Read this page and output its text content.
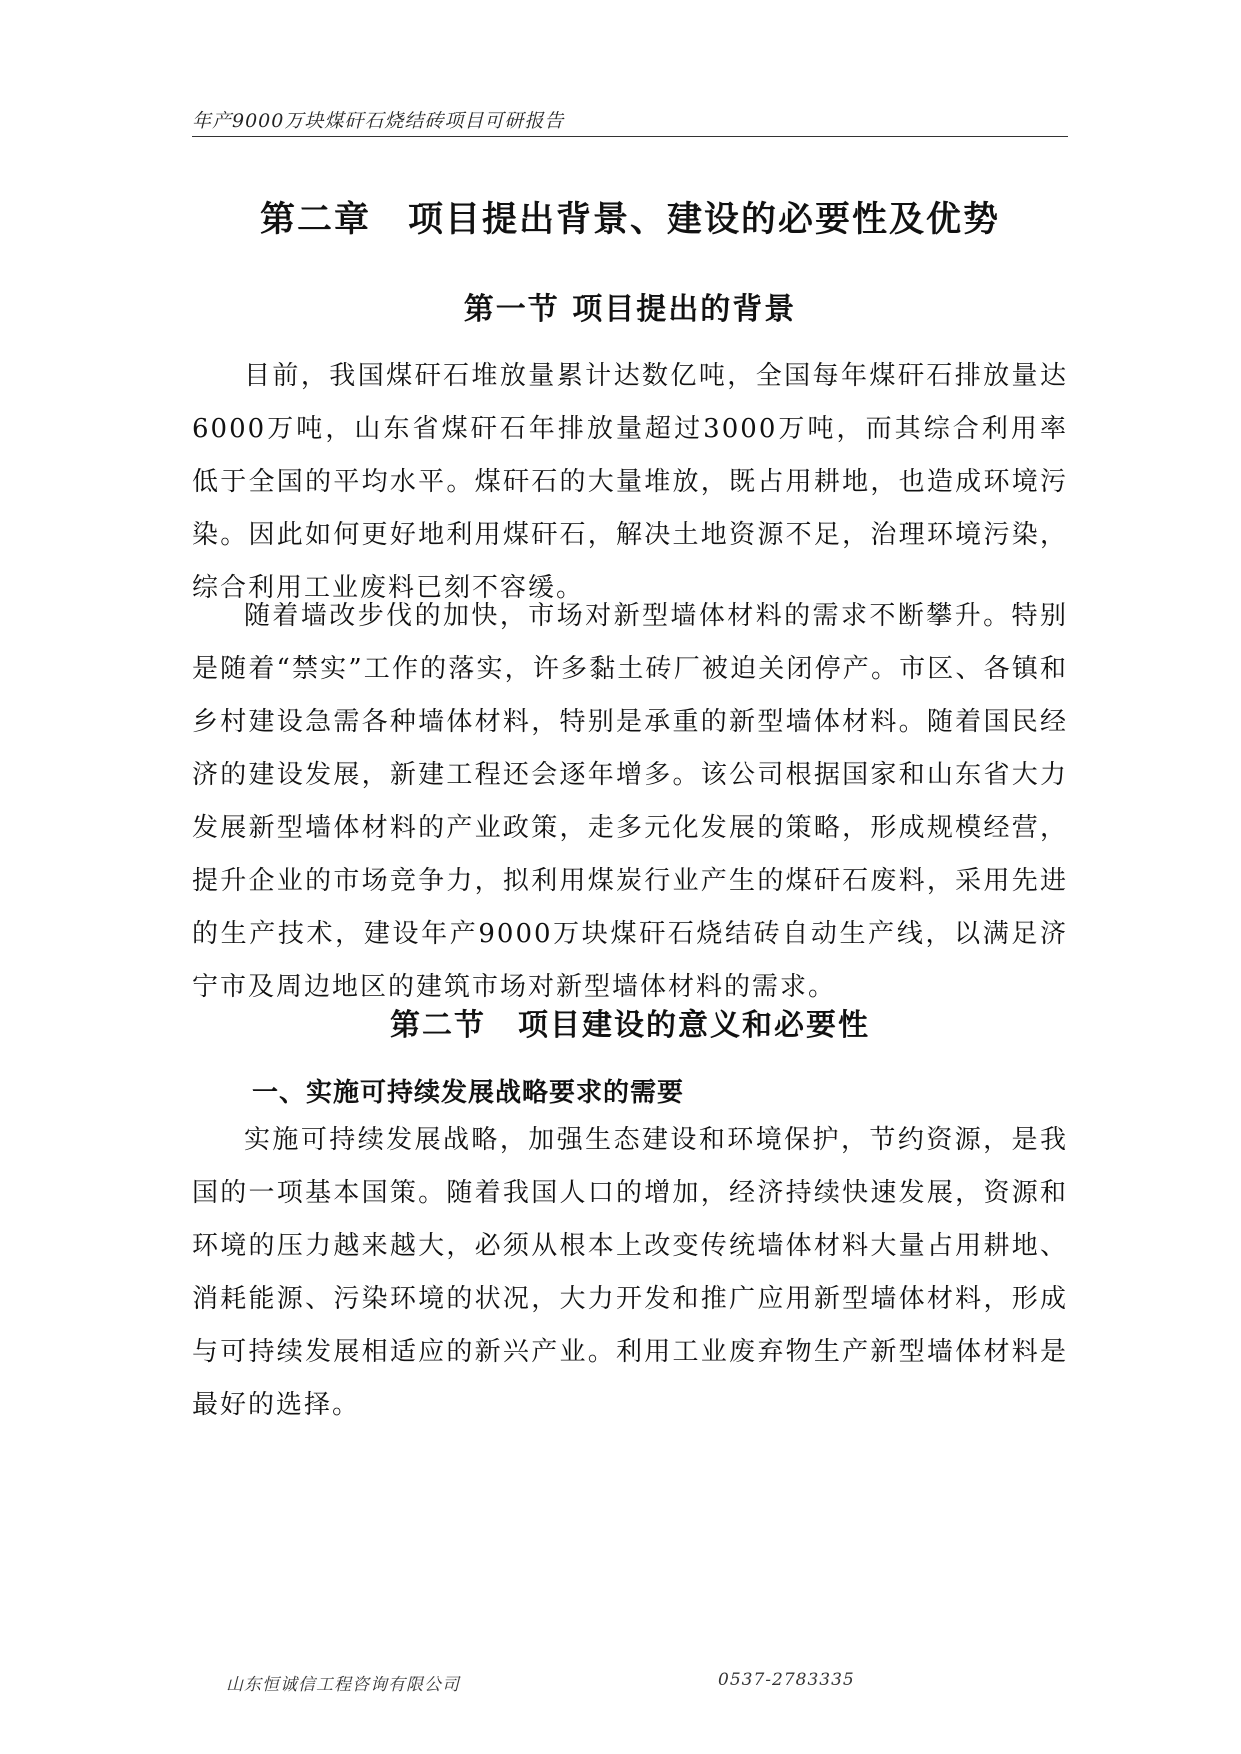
年产9000万块煤矸石烧结砖项目可研报告
第二章　项目提出背景、建设的必要性及优势
第一节 项目提出的背景

目前，我国煤矸石堆放量累计达数亿吨，全国每年煤矸石排放量达6000万吨，山东省煤矸石年排放量超过3000万吨，而其综合利用率低于全国的平均水平。煤矸石的大量堆放，既占用耕地，也造成环境污染。因此如何更好地利用煤矸石，解决土地资源不足，治理环境污染，综合利用工业废料已刻不容缓。

随着墙改步伐的加快，市场对新型墙体材料的需求不断攀升。特别是随着“禁实”工作的落实，许多黏土砖厂被迫关闭停产。市区、各镇和乡村建设急需各种墙体材料，特别是承重的新型墙体材料。随着国民经济的建设发展，新建工程还会逐年增多。该公司根据国家和山东省大力发展新型墙体材料的产业政策，走多元化发展的策略，形成规模经营，提升企业的市场竞争力，拟利用煤炭行业产生的煤矸石废料，采用先进的生产技术，建设年产9000万块煤矸石烧结砖自动生产线，以满足济宁市及周边地区的建筑市场对新型墙体材料的需求。

第二节　项目建设的意义和必要性
一、实施可持续发展战略要求的需要

实施可持续发展战略，加强生态建设和环境保护，节约资源，是我国的一项基本国策。随着我国人口的增加，经济持续快速发展，资源和环境的压力越来越大，必须从根本上改变传统墙体材料大量占用耕地、消耗能源、污染环境的状况，大力开发和推广应用新型墙体材料，形成与可持续发展相适应的新兴产业。利用工业废弃物生产新型墙体材料是最好的选择。

山东恒诚信工程咨询有限公司	0537-2783335
